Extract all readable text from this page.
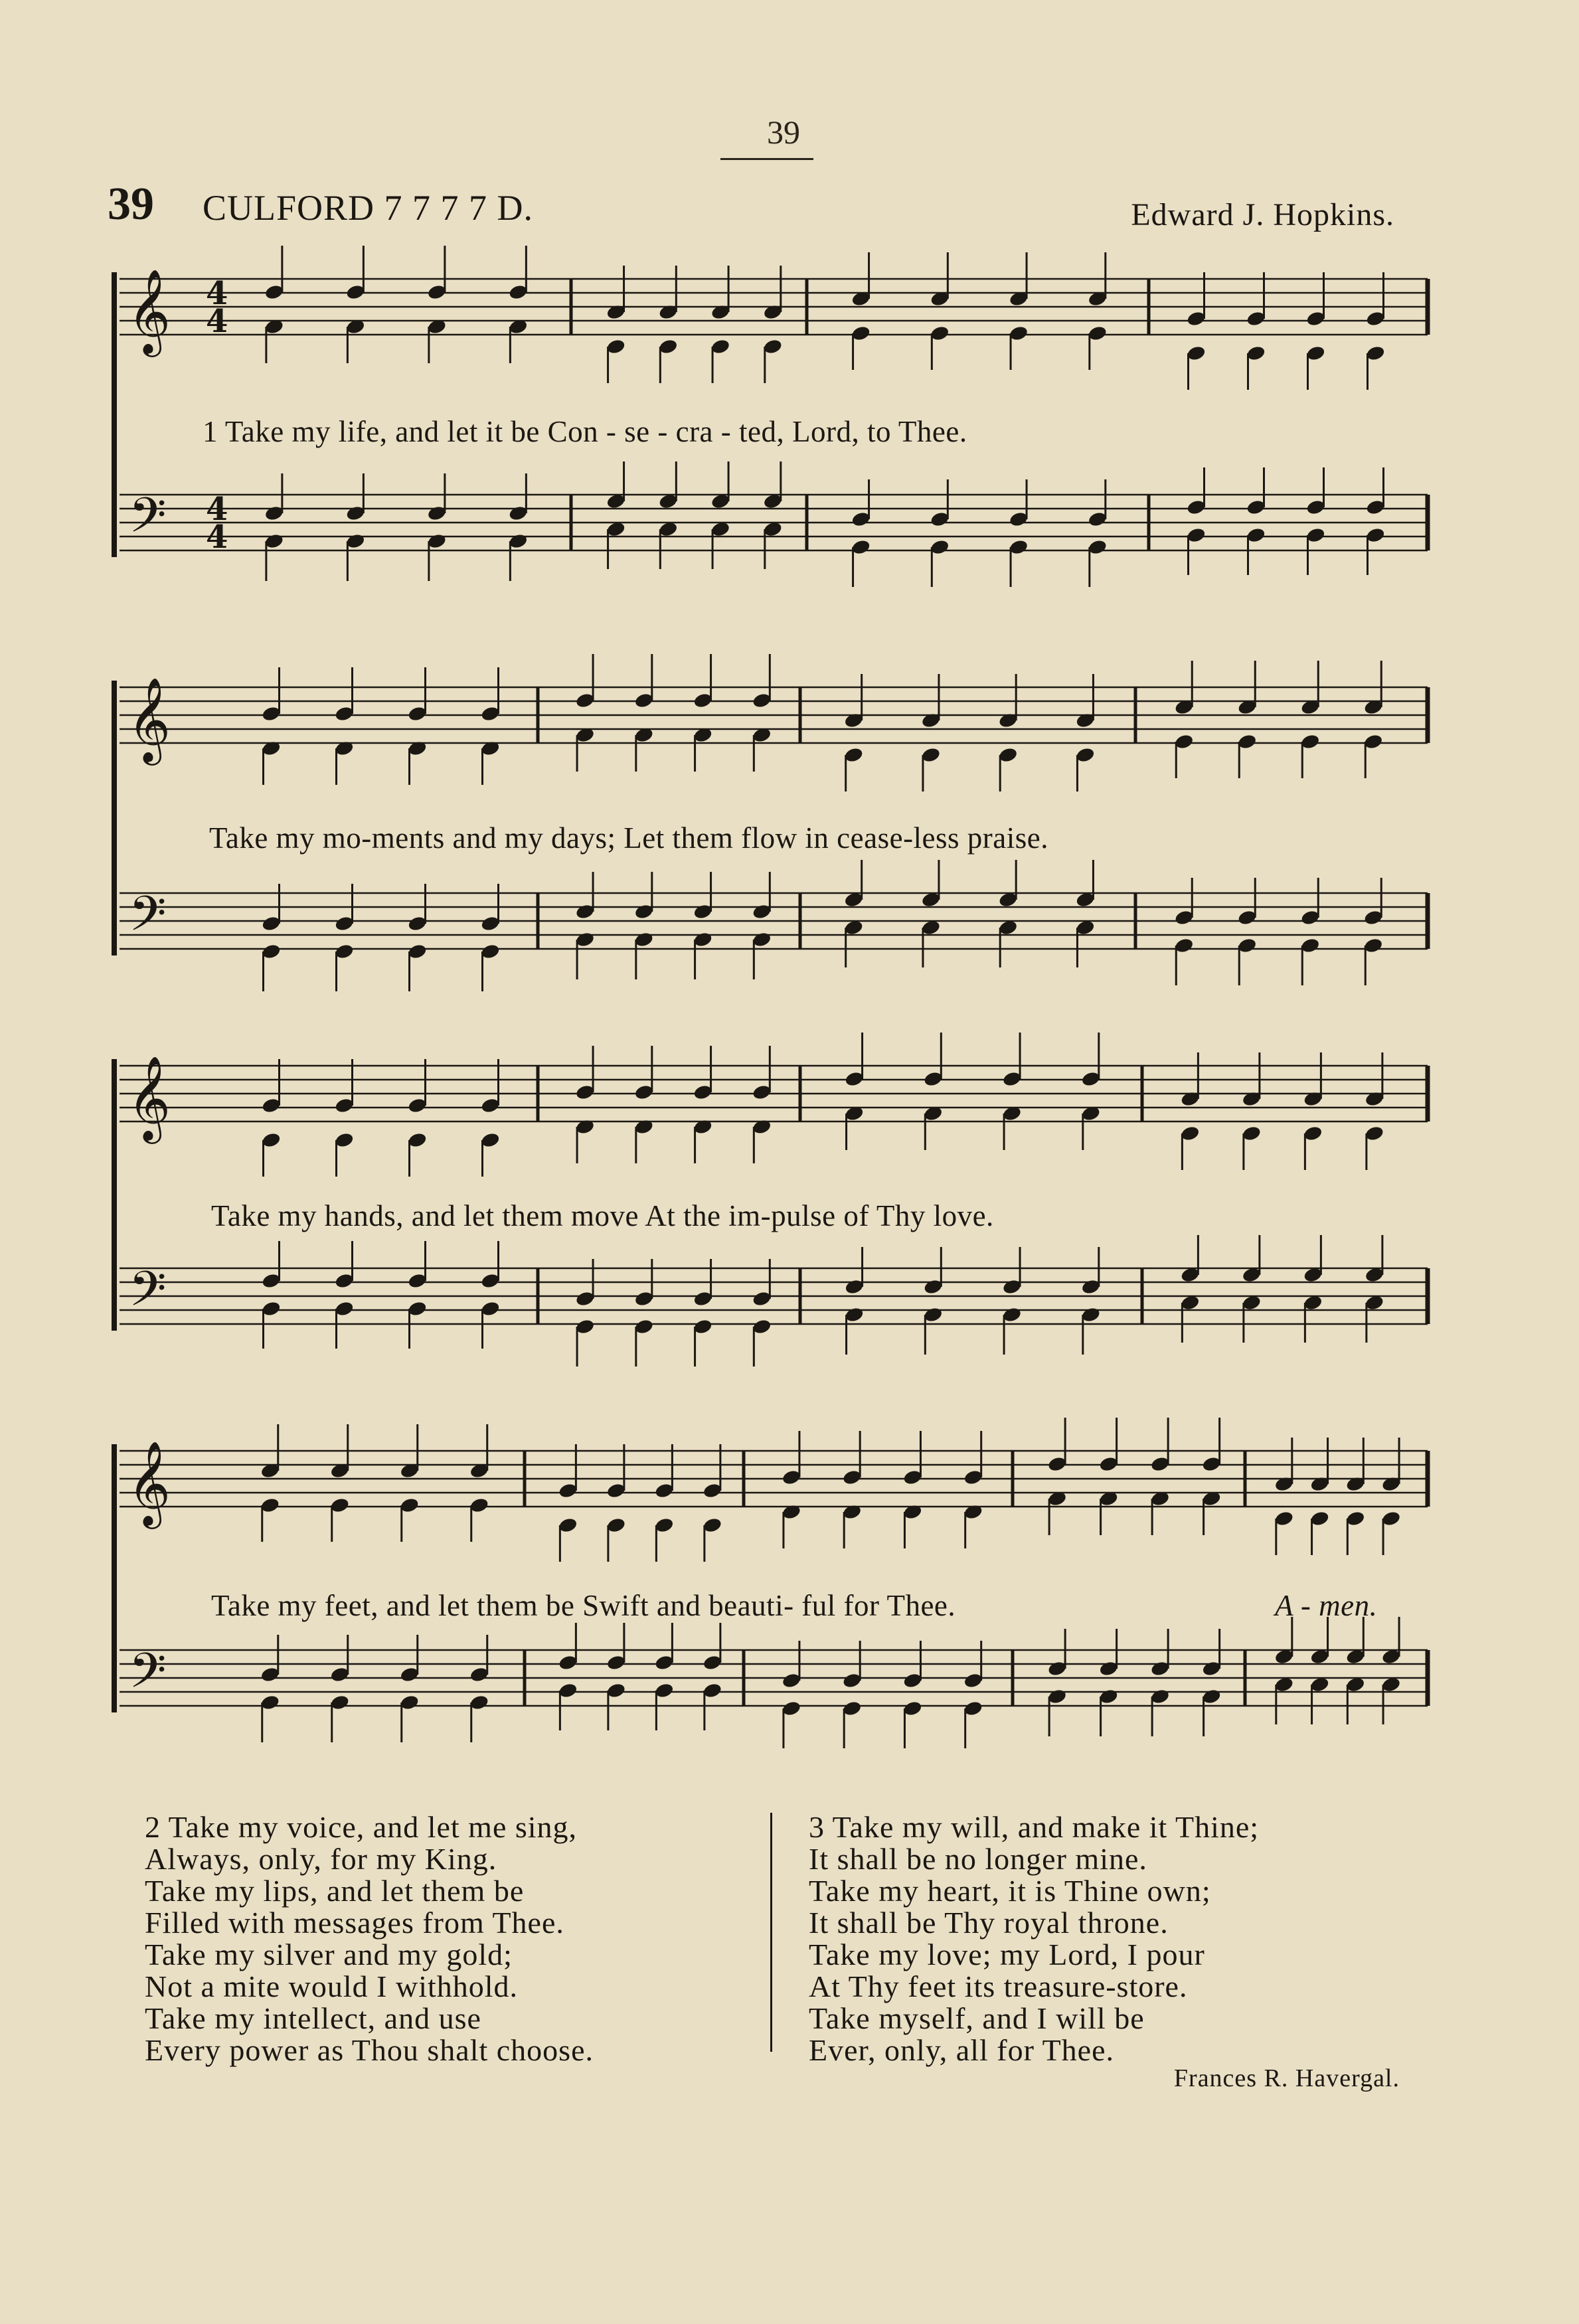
39
39 CULFORD 7 7 7 7 D.	Edward J. Hopkins.
𝄞 4
4
𝄢 4
4
𝄞
𝄢
𝄞
𝄢
𝄞
𝄢
1 Take my life, and let it be Con - se - cra - ted, Lord, to Thee.
Take my mo-ments and my days; Let them flow in cease-less praise.
Take my hands, and let them move At the im-pulse of Thy love.
Take my feet, and let them be Swift and beauti- ful for Thee.	A - men.
2 Take my voice, and let me sing,
Always, only, for my King.
Take my lips, and let them be
Filled with messages from Thee.
Take my silver and my gold;
Not a mite would I withhold.
Take my intellect, and use
Every power as Thou shalt choose.
3 Take my will, and make it Thine;
It shall be no longer mine.
Take my heart, it is Thine own;
It shall be Thy royal throne.
Take my love; my Lord, I pour
At Thy feet its treasure-store.
Take myself, and I will be
Ever, only, all for Thee.
Frances R. Havergal.
